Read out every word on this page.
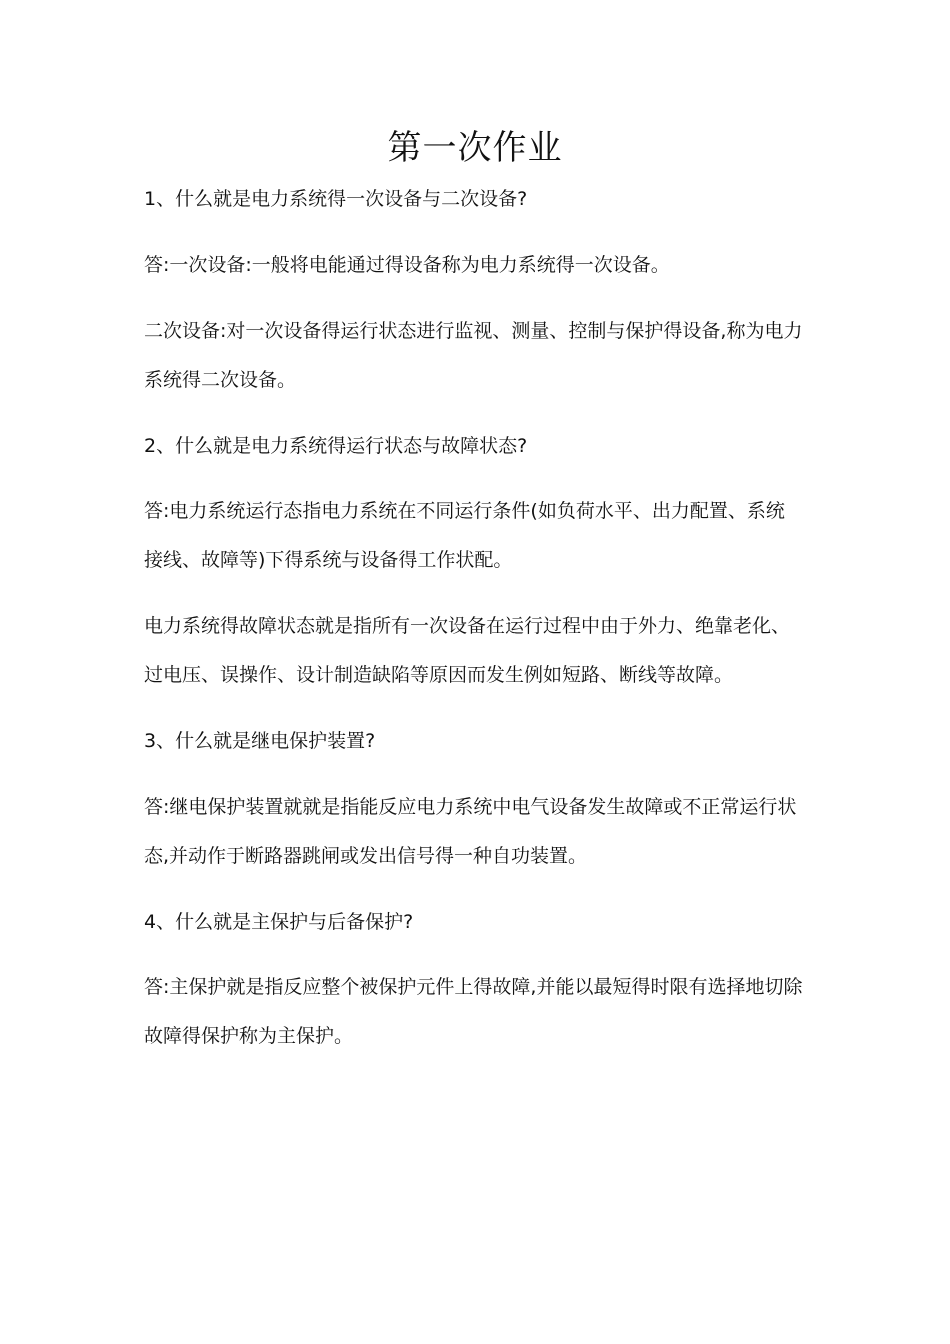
第一次作业
1、什么就是电力系统得一次设备与二次设备?
答:一次设备:一般将电能通过得设备称为电力系统得一次设备。
二次设备:对一次设备得运行状态进行监视、测量、控制与保护得设备,称为电力
系统得二次设备。
2、什么就是电力系统得运行状态与故障状态?
答:电力系统运行态指电力系统在不同运行条件(如负荷水平、出力配置、系统
接线、故障等)下得系统与设备得工作状配。
电力系统得故障状态就是指所有一次设备在运行过程中由于外力、绝靠老化、
过电压、误操作、设计制造缺陷等原因而发生例如短路、断线等故障。
3、什么就是继电保护装置?
答:继电保护装置就就是指能反应电力系统中电气设备发生故障或不正常运行状
态,并动作于断路器跳闸或发出信号得一种自功装置。
4、什么就是主保护与后备保护?
答:主保护就是指反应整个被保护元件上得故障,并能以最短得时限有选择地切除
故障得保护称为主保护。
